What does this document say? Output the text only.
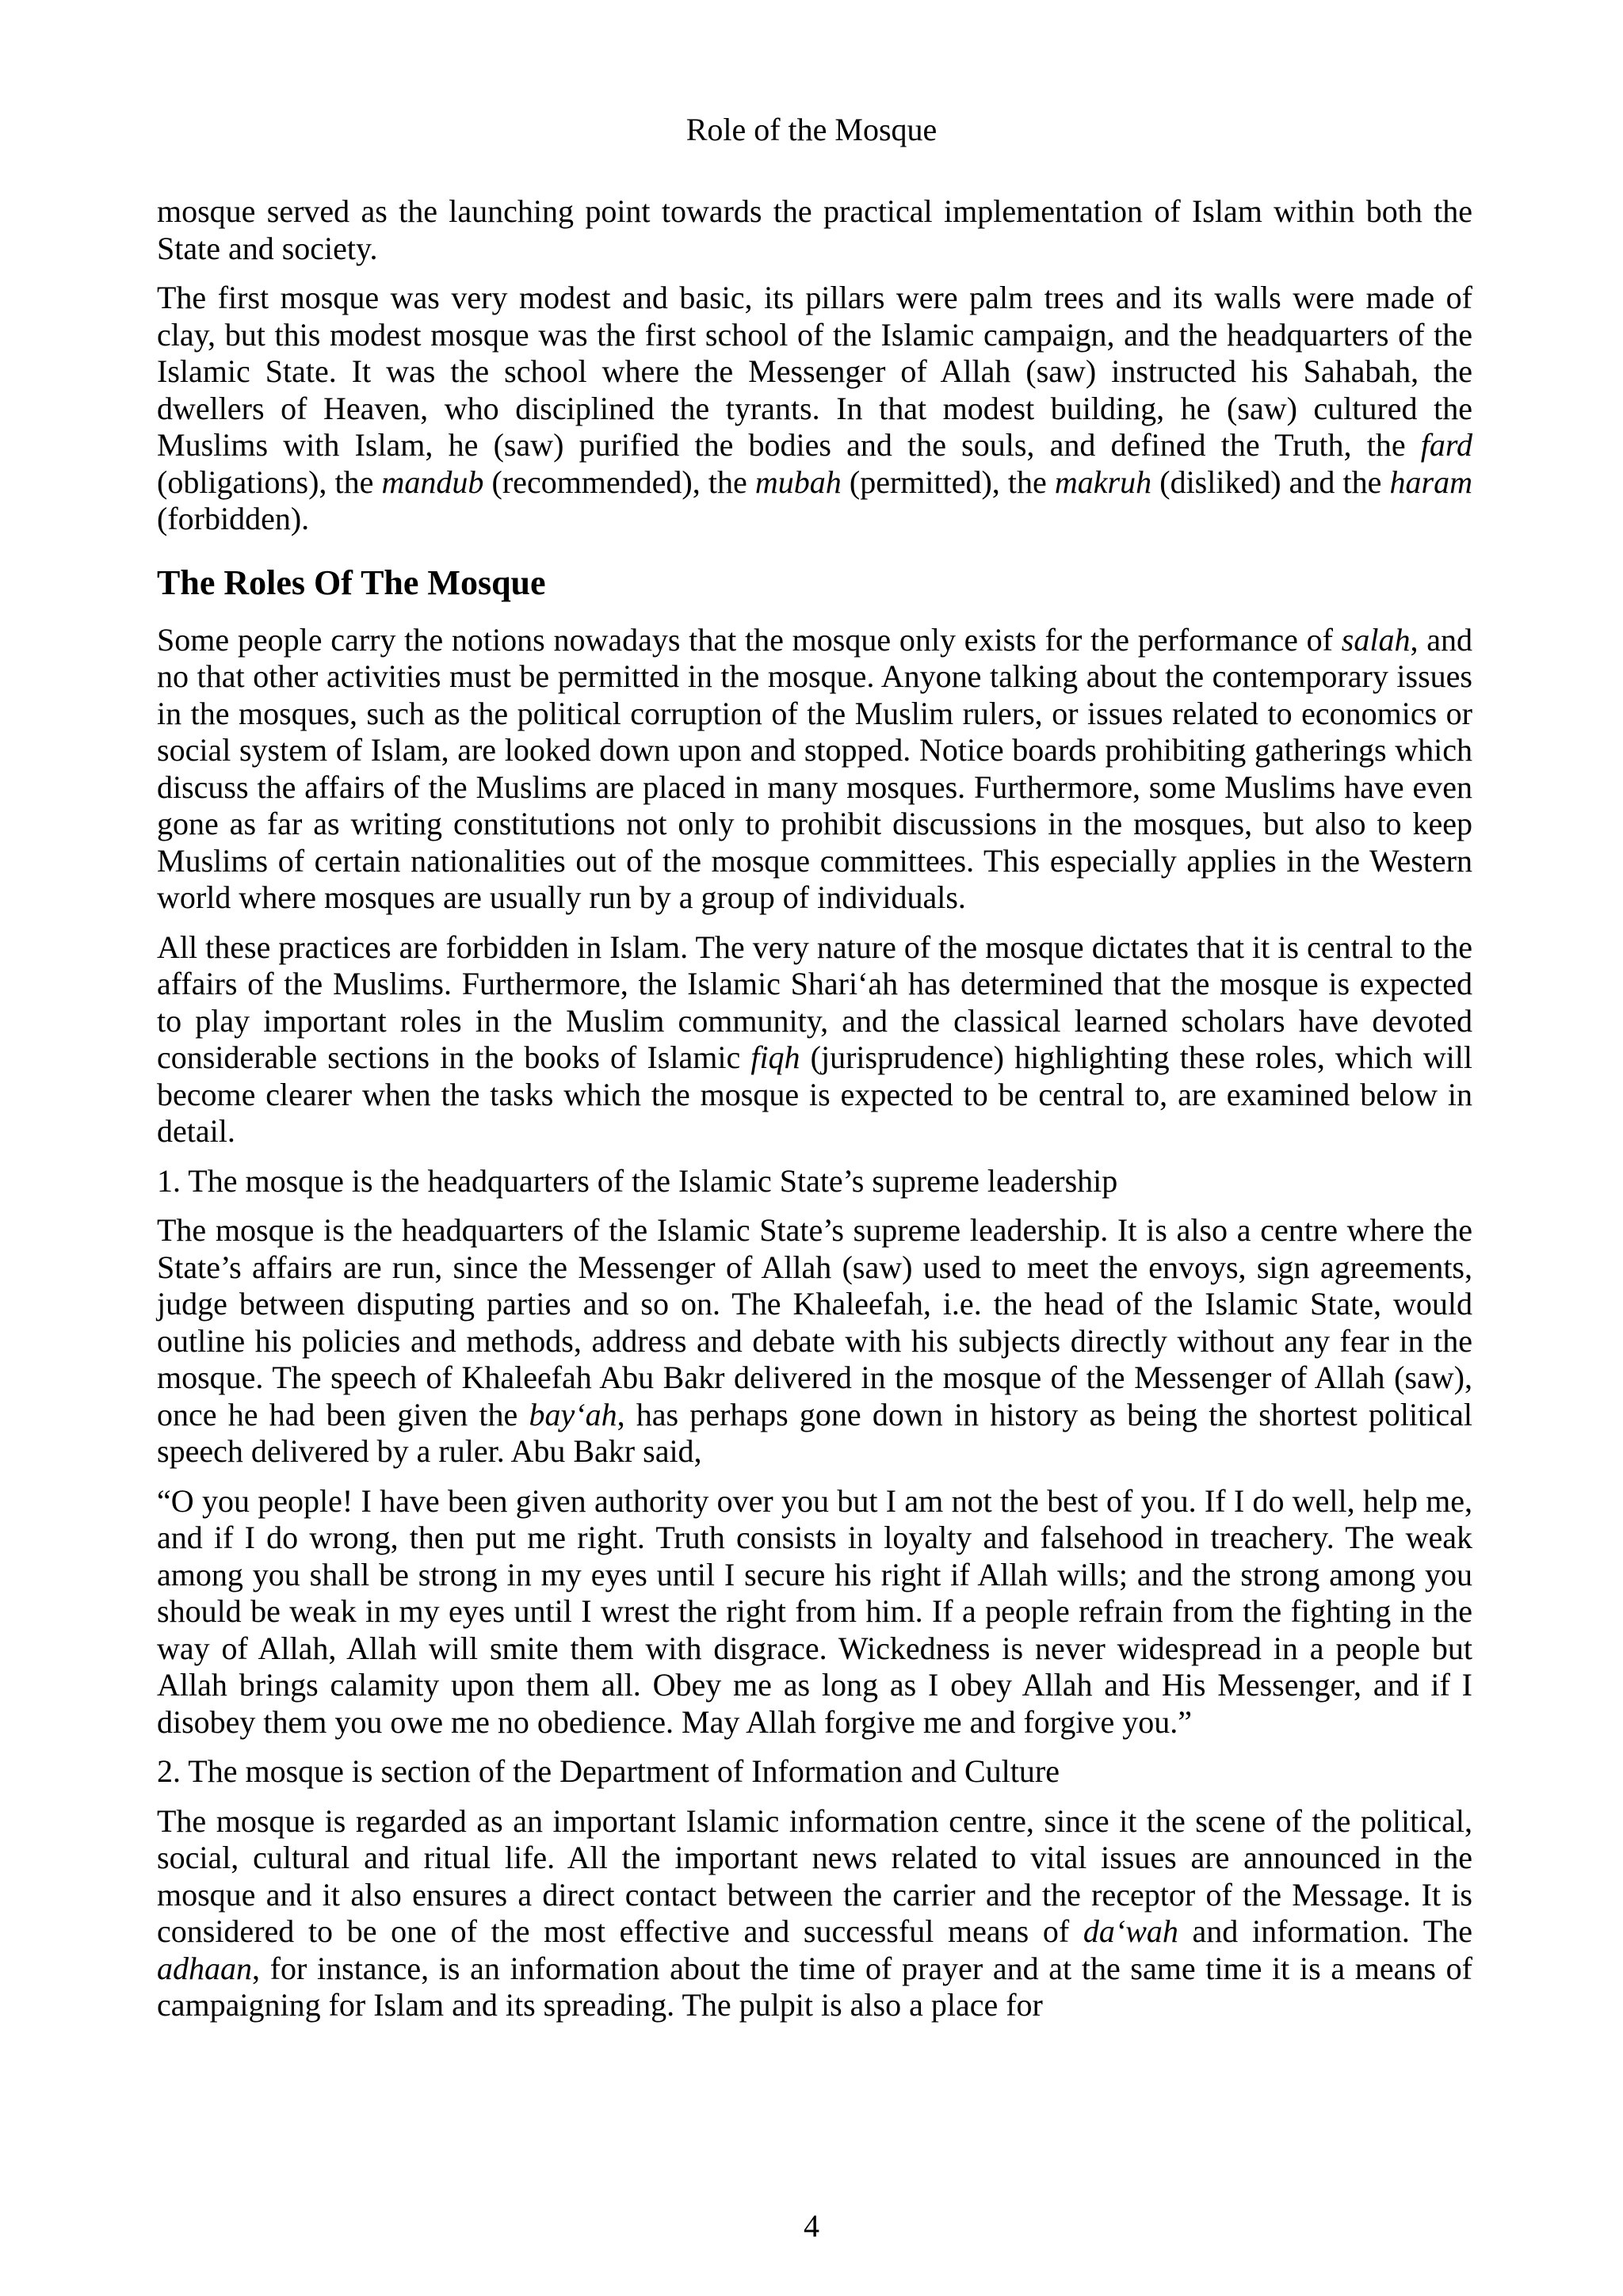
Role of the Mosque

mosque served as the launching point towards the practical implementation of Islam within both the State and society.

The first mosque was very modest and basic, its pillars were palm trees and its walls were made of clay, but this modest mosque was the first school of the Islamic campaign, and the headquarters of the Islamic State. It was the school where the Messenger of Allah (saw) instructed his Sahabah, the dwellers of Heaven, who disciplined the tyrants. In that modest building, he (saw) cultured the Muslims with Islam, he (saw) purified the bodies and the souls, and defined the Truth, the fard (obligations), the mandub (recommended), the mubah (permitted), the makruh (disliked) and the haram (forbidden).

The Roles Of The Mosque

Some people carry the notions nowadays that the mosque only exists for the performance of salah, and no that other activities must be permitted in the mosque. Anyone talking about the contemporary issues in the mosques, such as the political corruption of the Muslim rulers, or issues related to economics or social system of Islam, are looked down upon and stopped. Notice boards prohibiting gatherings which discuss the affairs of the Muslims are placed in many mosques. Furthermore, some Muslims have even gone as far as writing constitutions not only to prohibit discussions in the mosques, but also to keep Muslims of certain nationalities out of the mosque committees. This especially applies in the Western world where mosques are usually run by a group of individuals.

All these practices are forbidden in Islam. The very nature of the mosque dictates that it is central to the affairs of the Muslims. Furthermore, the Islamic Shari‘ah has determined that the mosque is expected to play important roles in the Muslim community, and the classical learned scholars have devoted considerable sections in the books of Islamic fiqh (jurisprudence) highlighting these roles, which will become clearer when the tasks which the mosque is expected to be central to, are examined below in detail.

1. The mosque is the headquarters of the Islamic State’s supreme leadership

The mosque is the headquarters of the Islamic State’s supreme leadership. It is also a centre where the State’s affairs are run, since the Messenger of Allah (saw) used to meet the envoys, sign agreements, judge between disputing parties and so on. The Khaleefah, i.e. the head of the Islamic State, would outline his policies and methods, address and debate with his subjects directly without any fear in the mosque. The speech of Khaleefah Abu Bakr delivered in the mosque of the Messenger of Allah (saw), once he had been given the bay‘ah, has perhaps gone down in history as being the shortest political speech delivered by a ruler. Abu Bakr said,

“O you people! I have been given authority over you but I am not the best of you. If I do well, help me, and if I do wrong, then put me right. Truth consists in loyalty and falsehood in treachery. The weak among you shall be strong in my eyes until I secure his right if Allah wills; and the strong among you should be weak in my eyes until I wrest the right from him. If a people refrain from the fighting in the way of Allah, Allah will smite them with disgrace. Wickedness is never widespread in a people but Allah brings calamity upon them all. Obey me as long as I obey Allah and His Messenger, and if I disobey them you owe me no obedience. May Allah forgive me and forgive you.”

2. The mosque is section of the Department of Information and Culture

The mosque is regarded as an important Islamic information centre, since it the scene of the political, social, cultural and ritual life. All the important news related to vital issues are announced in the mosque and it also ensures a direct contact between the carrier and the receptor of the Message. It is considered to be one of the most effective and successful means of da‘wah and information. The adhaan, for instance, is an information about the time of prayer and at the same time it is a means of campaigning for Islam and its spreading. The pulpit is also a place for

4
